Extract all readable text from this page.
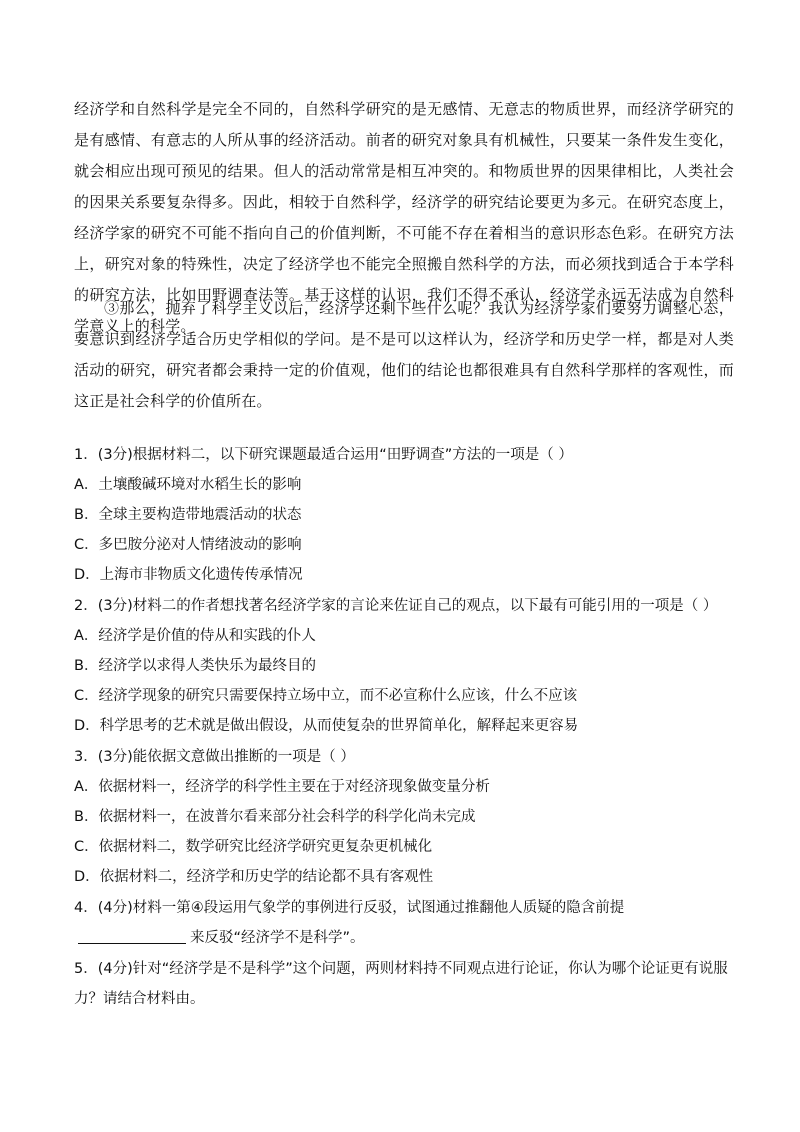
经济学和自然科学是完全不同的，自然科学研究的是无感情、无意志的物质世界，而经济学研究的是有感情、有意志的人所从事的经济活动。前者的研究对象具有机械性，只要某一条件发生变化，就会相应出现可预见的结果。但人的活动常常是相互冲突的。和物质世界的因果律相比，人类社会的因果关系要复杂得多。因此，相较于自然科学，经济学的研究结论要更为多元。在研究态度上，经济学家的研究不可能不指向自己的价值判断，不可能不存在着相当的意识形态色彩。在研究方法上，研究对象的特殊性，决定了经济学也不能完全照搬自然科学的方法，而必须找到适合于本学科的研究方法，比如田野调查法等。基于这样的认识，我们不得不承认，经济学永远无法成为自然科学意义上的科学。
③那么，抛弃了科学主义以后，经济学还剩下些什么呢？我认为经济学家们要努力调整心态，要意识到经济学适合历史学相似的学问。是不是可以这样认为，经济学和历史学一样，都是对人类活动的研究，研究者都会秉持一定的价值观，他们的结论也都很难具有自然科学那样的客观性，而这正是社会科学的价值所在。
1．(3分)根据材料二，以下研究课题最适合运用“田野调查”方法的一项是（ ）
A．土壤酸碱环境对水稻生长的影响
B．全球主要构造带地震活动的状态
C．多巴胺分泌对人情绪波动的影响
D．上海市非物质文化遗传传承情况
2．(3分)材料二的作者想找著名经济学家的言论来佐证自己的观点，以下最有可能引用的一项是（ ）
A．经济学是价值的侍从和实践的仆人
B．经济学以求得人类快乐为最终目的
C．经济学现象的研究只需要保持立场中立，而不必宣称什么应该，什么不应该
D．科学思考的艺术就是做出假设，从而使复杂的世界简单化，解释起来更容易
3．(3分)能依据文意做出推断的一项是（ ）
A．依据材料一，经济学的科学性主要在于对经济现象做变量分析
B．依据材料一，在波普尔看来部分社会科学的科学化尚未完成
C．依据材料二，数学研究比经济学研究更复杂更机械化
D．依据材料二，经济学和历史学的结论都不具有客观性
4．(4分)材料一第④段运用气象学的事例进行反驳，试图通过推翻他人质疑的隐含前提来反驳“经济学不是科学”。
5．(4分)针对“经济学是不是科学”这个问题，两则材料持不同观点进行论证，你认为哪个论证更有说服力？请结合材料由。
